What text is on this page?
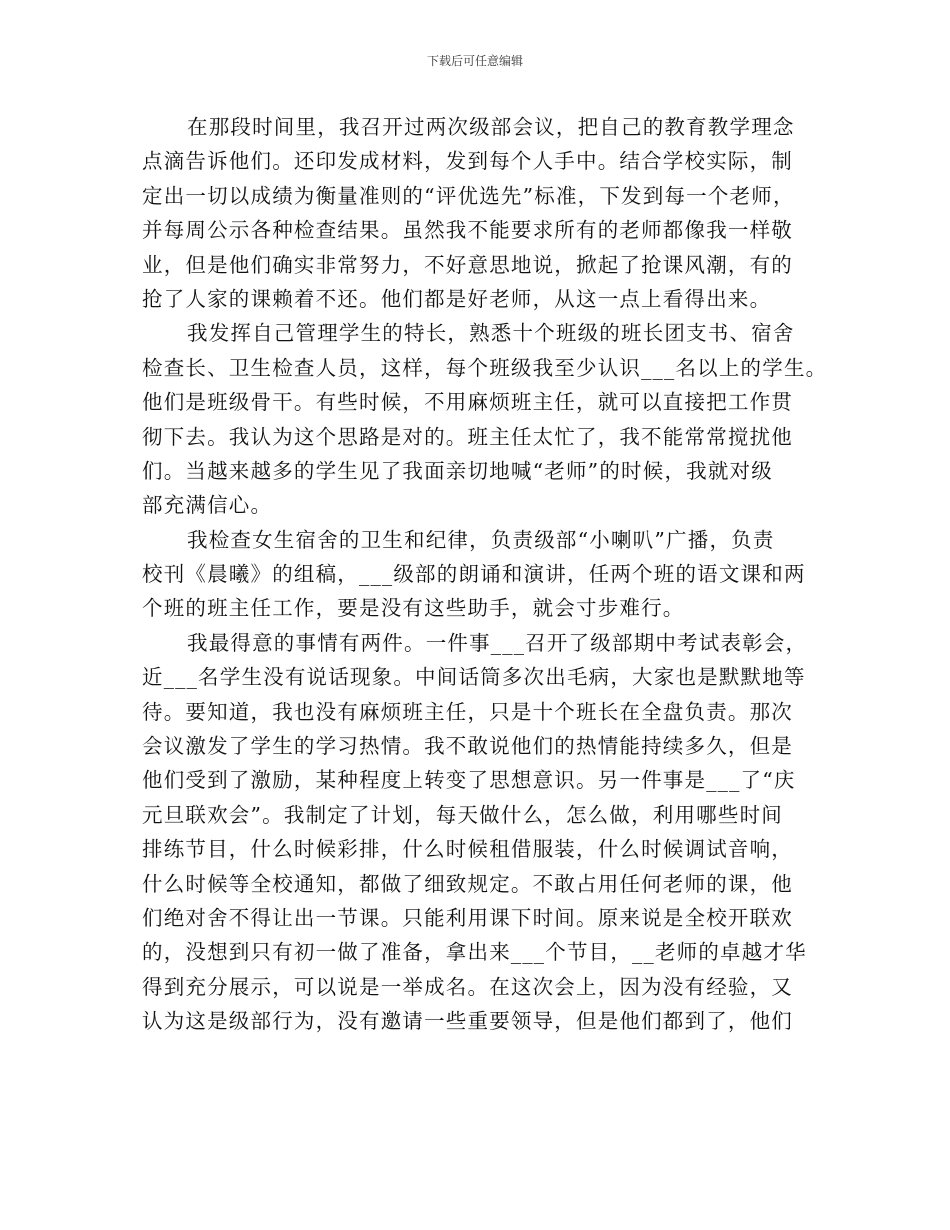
下载后可任意编辑
在那段时间里，我召开过两次级部会议，把自己的教育教学理念
点滴告诉他们。还印发成材料，发到每个人手中。结合学校实际，制
定出一切以成绩为衡量准则的“评优选先”标准，下发到每一个老师，
并每周公示各种检查结果。虽然我不能要求所有的老师都像我一样敬
业，但是他们确实非常努力，不好意思地说，掀起了抢课风潮，有的
抢了人家的课赖着不还。他们都是好老师，从这一点上看得出来。
我发挥自己管理学生的特长，熟悉十个班级的班长团支书、宿舍
检查长、卫生检查人员，这样，每个班级我至少认识___名以上的学生。
他们是班级骨干。有些时候，不用麻烦班主任，就可以直接把工作贯
彻下去。我认为这个思路是对的。班主任太忙了，我不能常常搅扰他
们。当越来越多的学生见了我面亲切地喊“老师”的时候，我就对级
部充满信心。
我检查女生宿舍的卫生和纪律，负责级部“小喇叭”广播，负责
校刊《晨曦》的组稿，___级部的朗诵和演讲，任两个班的语文课和两
个班的班主任工作，要是没有这些助手，就会寸步难行。
我最得意的事情有两件。一件事___召开了级部期中考试表彰会，
近___名学生没有说话现象。中间话筒多次出毛病，大家也是默默地等
待。要知道，我也没有麻烦班主任，只是十个班长在全盘负责。那次
会议激发了学生的学习热情。我不敢说他们的热情能持续多久，但是
他们受到了激励，某种程度上转变了思想意识。另一件事是___了“庆
元旦联欢会”。我制定了计划，每天做什么，怎么做，利用哪些时间
排练节目，什么时候彩排，什么时候租借服装，什么时候调试音响，
什么时候等全校通知，都做了细致规定。不敢占用任何老师的课，他
们绝对舍不得让出一节课。只能利用课下时间。原来说是全校开联欢
的，没想到只有初一做了准备，拿出来___个节目，__老师的卓越才华
得到充分展示，可以说是一举成名。在这次会上，因为没有经验，又
认为这是级部行为，没有邀请一些重要领导，但是他们都到了，他们
